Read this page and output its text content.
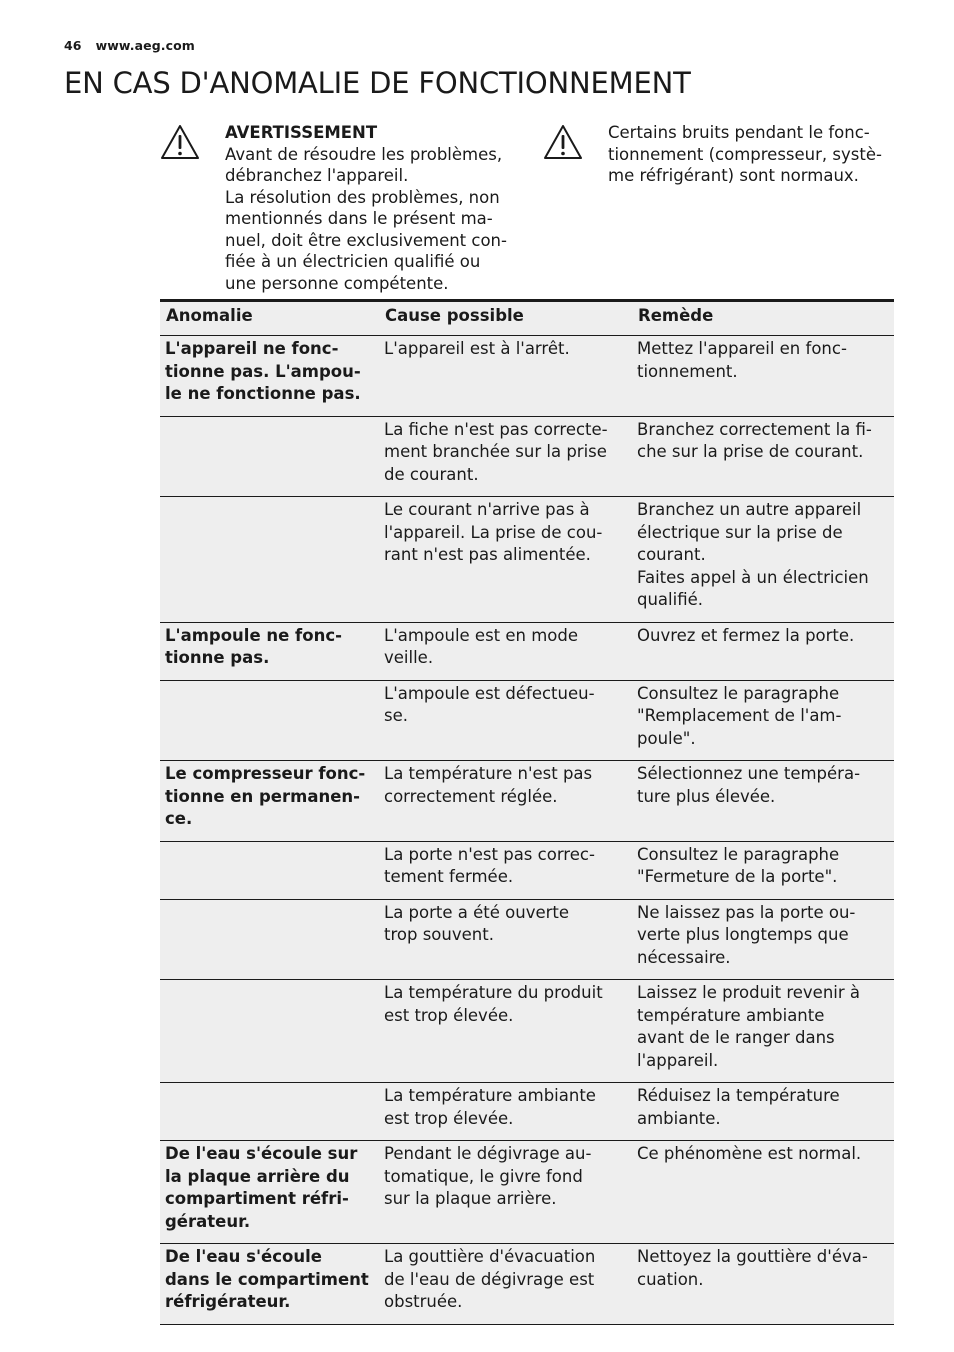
46 www.aeg.com
EN CAS D'ANOMALIE DE FONCTIONNEMENT
AVERTISSEMENT
Avant de résoudre les problèmes,
débranchez l'appareil.
La résolution des problèmes, non
mentionnés dans le présent ma-
nuel, doit être exclusivement con-
fiée à un électricien qualifié ou
une personne compétente.
Certains bruits pendant le fonc-
tionnement (compresseur, systè-
me réfrigérant) sont normaux.
Anomalie	Cause possible	Remède

L'appareil ne fonc-
tionne pas. L'ampou-
le ne fonctionne pas.	L'appareil est à l'arrêt.	Mettez l'appareil en fonc-
tionnement.

	La fiche n'est pas correcte-
ment branchée sur la prise
de courant.	Branchez correctement la fi-
che sur la prise de courant.

	Le courant n'arrive pas à
l'appareil. La prise de cou-
rant n'est pas alimentée.	Branchez un autre appareil
électrique sur la prise de
courant.
Faites appel à un électricien
qualifié.

L'ampoule ne fonc-
tionne pas.	L'ampoule est en mode
veille.	Ouvrez et fermez la porte.

	L'ampoule est défectueu-
se.	Consultez le paragraphe
"Remplacement de l'am-
poule".

Le compresseur fonc-
tionne en permanen-
ce.	La température n'est pas
correctement réglée.	Sélectionnez une tempéra-
ture plus élevée.

	La porte n'est pas correc-
tement fermée.	Consultez le paragraphe
"Fermeture de la porte".

	La porte a été ouverte
trop souvent.	Ne laissez pas la porte ou-
verte plus longtemps que
nécessaire.

	La température du produit
est trop élevée.	Laissez le produit revenir à
température ambiante
avant de le ranger dans
l'appareil.

	La température ambiante
est trop élevée.	Réduisez la température
ambiante.

De l'eau s'écoule sur
la plaque arrière du
compartiment réfri-
gérateur.	Pendant le dégivrage au-
tomatique, le givre fond
sur la plaque arrière.	Ce phénomène est normal.

De l'eau s'écoule
dans le compartiment
réfrigérateur.	La gouttière d'évacuation
de l'eau de dégivrage est
obstruée.	Nettoyez la gouttière d'éva-
cuation.
